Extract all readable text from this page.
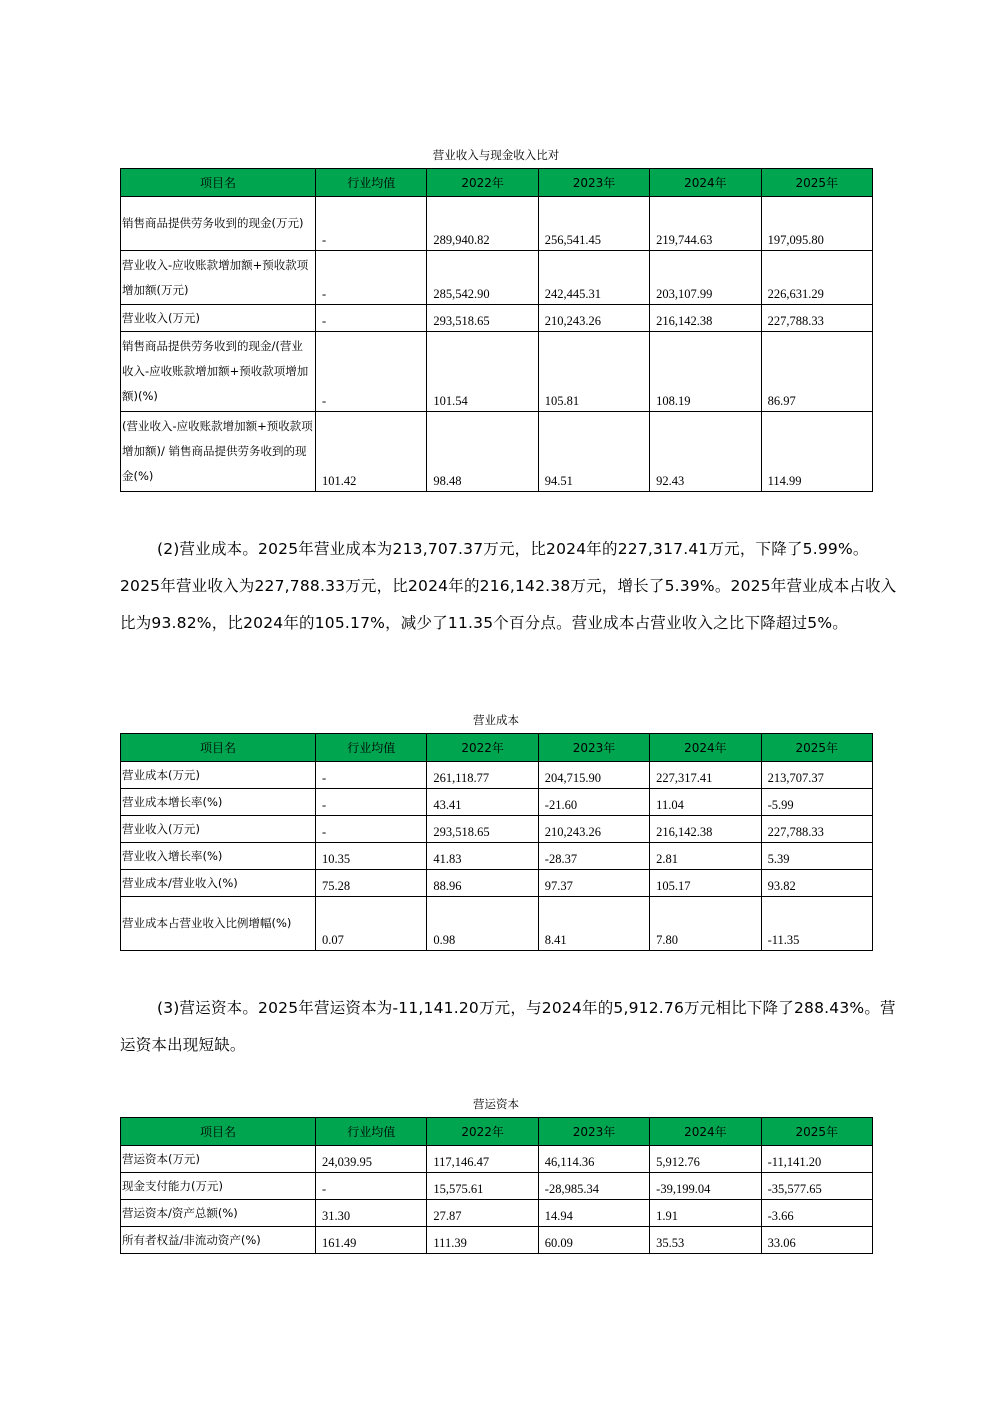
营业收入与现金收入比对
项目名	行业均值	2022年	2023年	2024年	2025年
销售商品提供劳务收到的现金(万元)	-	289,940.82	256,541.45	219,744.63	197,095.80
营业收入-应收账款增加额+预收款项增加额(万元)	-	285,542.90	242,445.31	203,107.99	226,631.29
营业收入(万元)	-	293,518.65	210,243.26	216,142.38	227,788.33
销售商品提供劳务收到的现金/(营业收入-应收账款增加额+预收款项增加额)(%)	-	101.54	105.81	108.19	86.97
(营业收入-应收账款增加额+预收款项增加额)/ 销售商品提供劳务收到的现金(%)	101.42	98.48	94.51	92.43	114.99

(2)营业成本。2025年营业成本为213,707.37万元，比2024年的227,317.41万元，下降了5.99%。2025年营业收入为227,788.33万元，比2024年的216,142.38万元，增长了5.39%。2025年营业成本占收入比为93.82%，比2024年的105.17%，减少了11.35个百分点。营业成本占营业收入之比下降超过5%。

营业成本
项目名	行业均值	2022年	2023年	2024年	2025年
营业成本(万元)	-	261,118.77	204,715.90	227,317.41	213,707.37
营业成本增长率(%)	-	43.41	-21.60	11.04	-5.99
营业收入(万元)	-	293,518.65	210,243.26	216,142.38	227,788.33
营业收入增长率(%)	10.35	41.83	-28.37	2.81	5.39
营业成本/营业收入(%)	75.28	88.96	97.37	105.17	93.82
营业成本占营业收入比例增幅(%)	0.07	0.98	8.41	7.80	-11.35

(3)营运资本。2025年营运资本为-11,141.20万元，与2024年的5,912.76万元相比下降了288.43%。营运资本出现短缺。

营运资本
项目名	行业均值	2022年	2023年	2024年	2025年
营运资本(万元)	24,039.95	117,146.47	46,114.36	5,912.76	-11,141.20
现金支付能力(万元)	-	15,575.61	-28,985.34	-39,199.04	-35,577.65
营运资本/资产总额(%)	31.30	27.87	14.94	1.91	-3.66
所有者权益/非流动资产(%)	161.49	111.39	60.09	35.53	33.06
